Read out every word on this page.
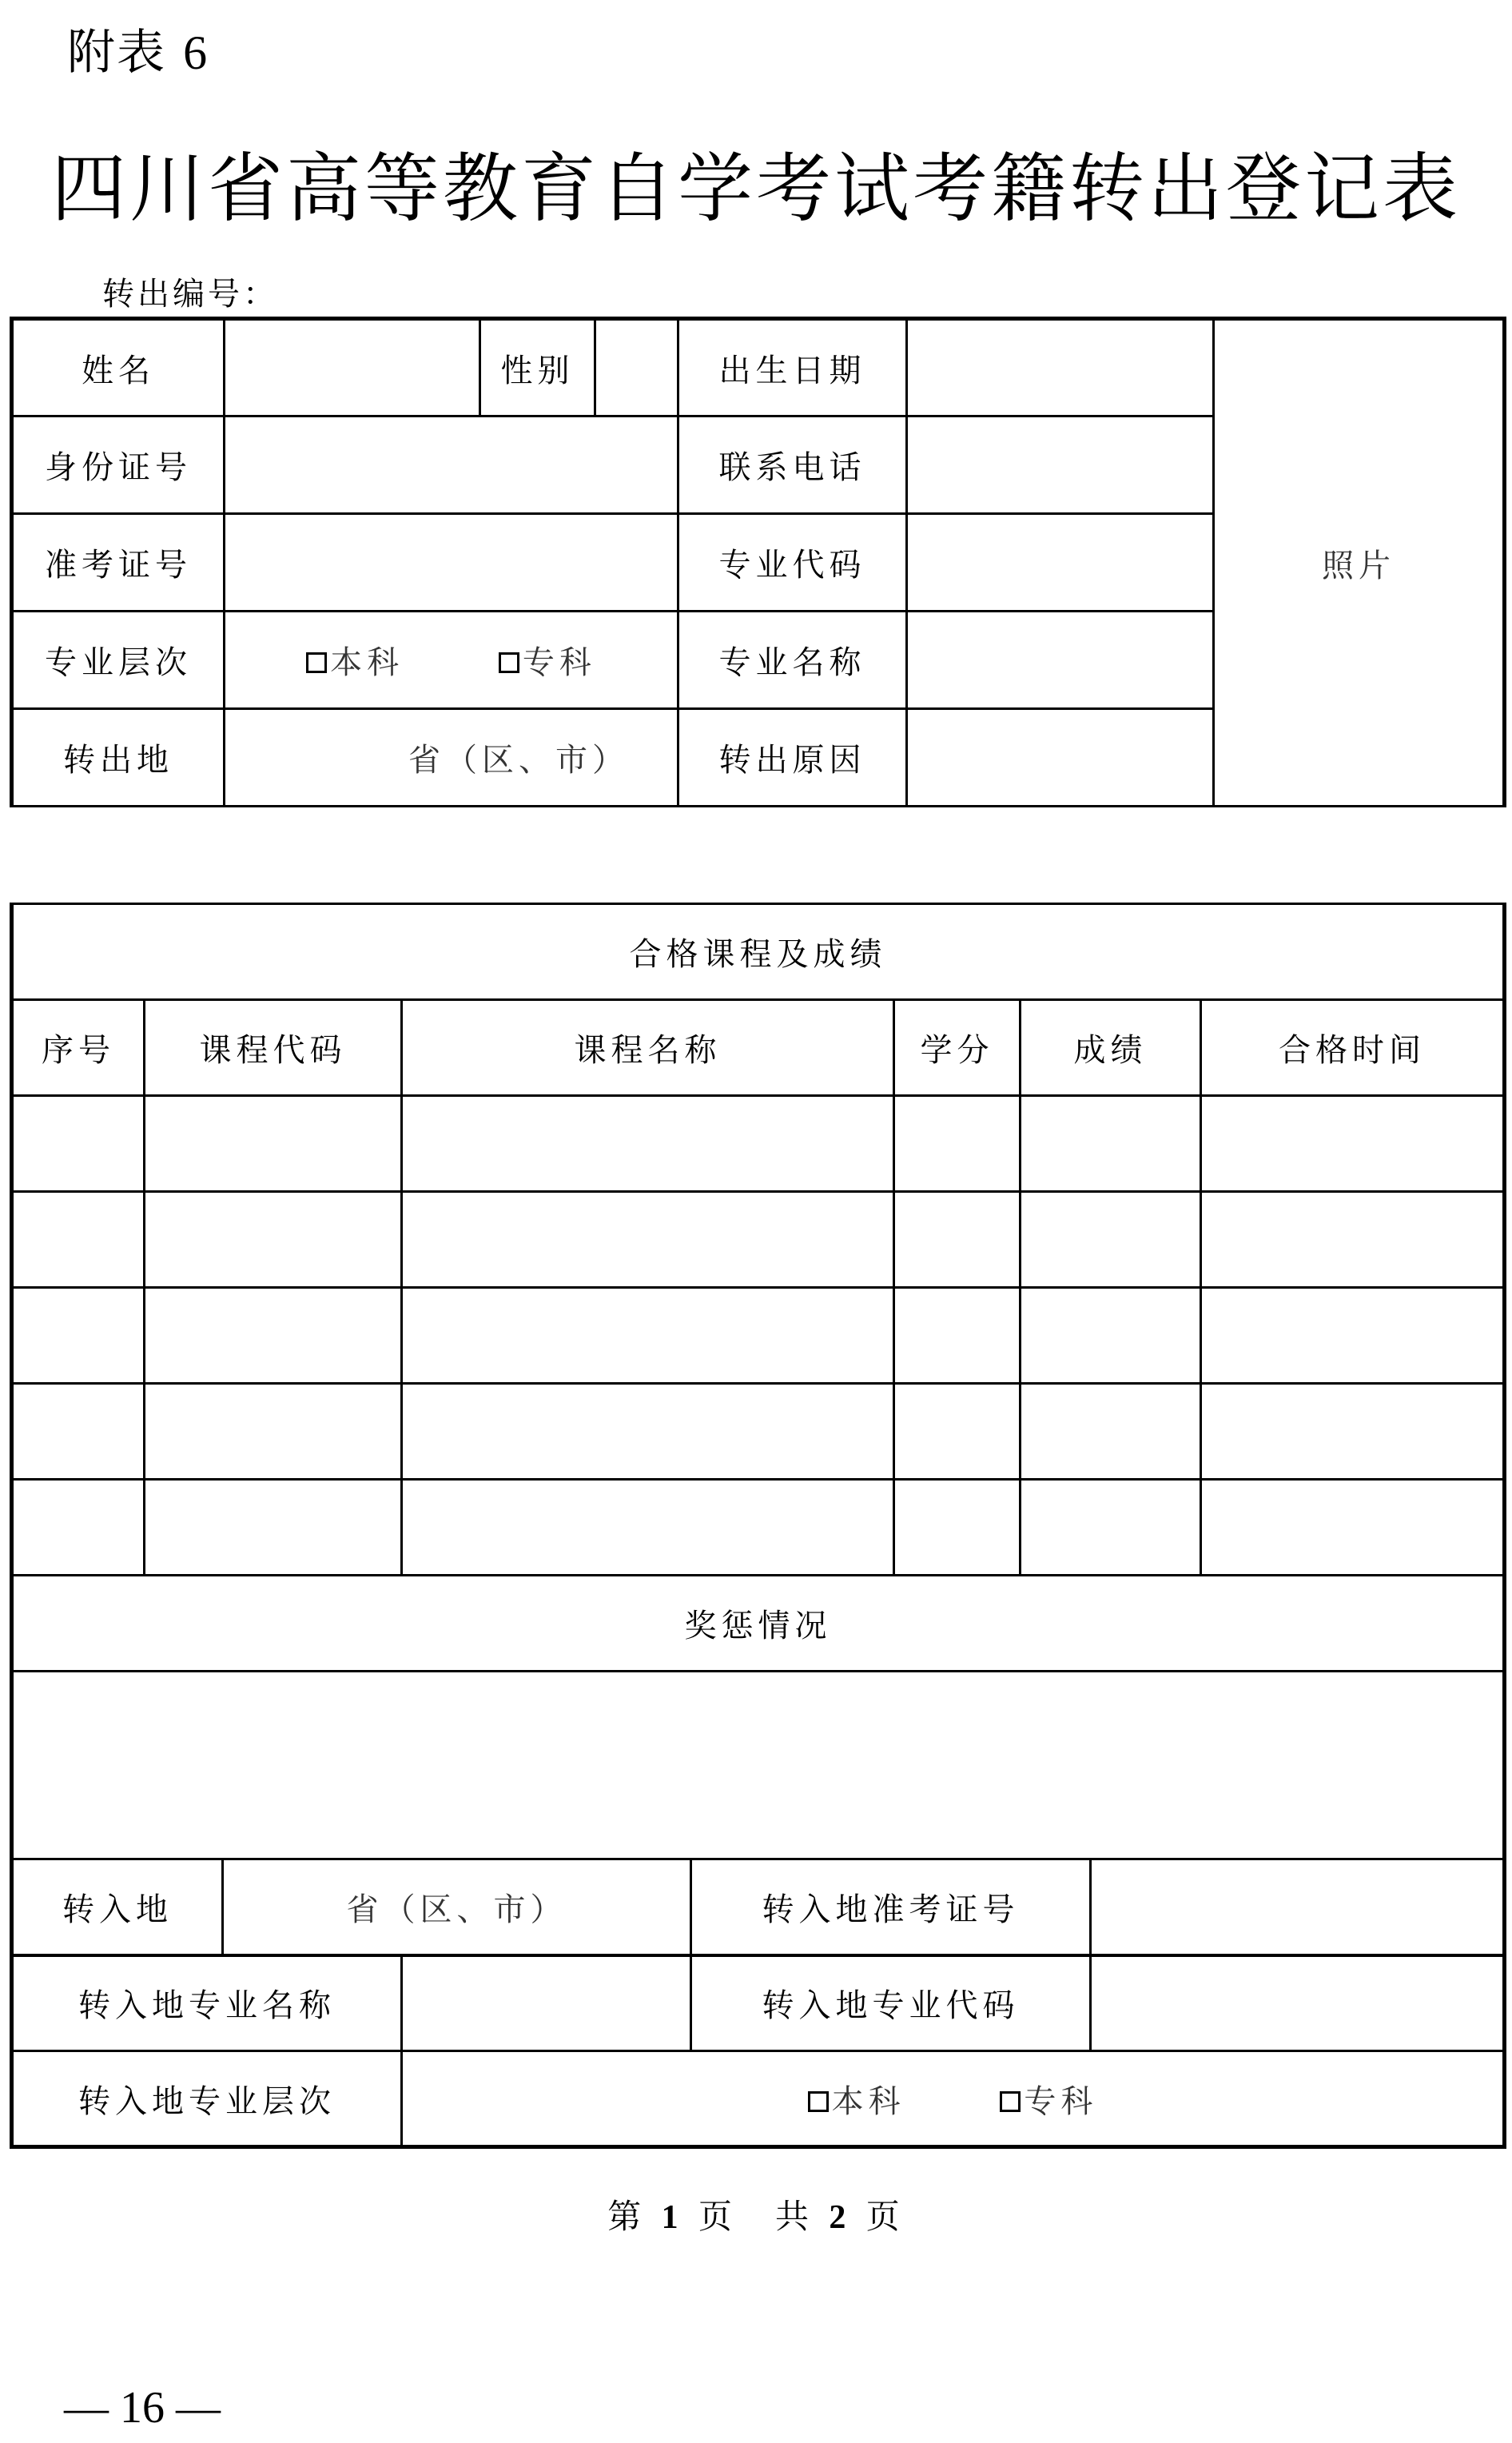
附表 6
四川省高等教育自学考试考籍转出登记表
转出编号：
姓名		性别		出生日期		照片
身份证号				联系电话		
准考证号				专业代码		
专业层次	本科 专科			专业名称		
转出地	省（区、市）			转出原因		
合格课程及成绩					
序号	课程代码	课程名称	学分	成绩	合格时间

奖惩情况					

转入地	省（区、市）		转入地准考证号	
转入地专业名称			转入地专业代码	
转入地专业层次		本科 专科		
第 1 页　共 2 页
— 16 —
